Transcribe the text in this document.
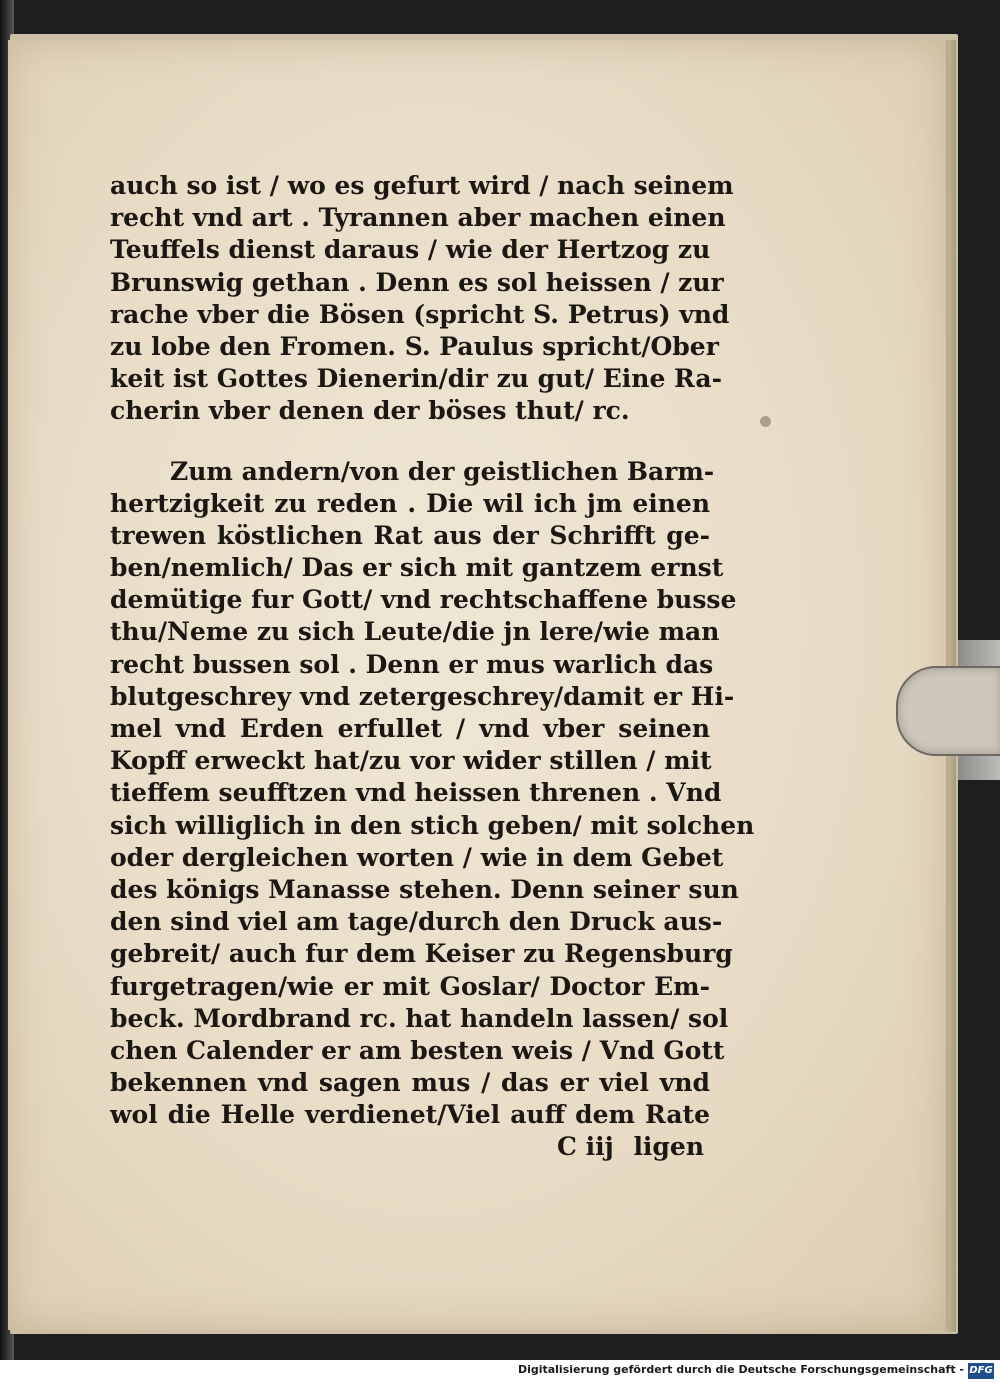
auch so ist / wo es gefurt wird / nach seinem
recht vnd art . Tyrannen aber machen einen
Teuffels dienst daraus / wie der Hertzog zu
Brunswig gethan . Denn es sol heissen / zur
rache vber die Bösen (spricht S. Petrus) vnd
zu lobe den Fromen. S. Paulus spricht/Ober
keit ist Gottes Dienerin/dir zu gut/ Eine Ra-
cherin vber denen der böses thut/ rc.
Zum andern/von der geistlichen Barm-
hertzigkeit zu reden . Die wil ich jm einen
trewen köstlichen Rat aus der Schrifft ge-
ben/nemlich/ Das er sich mit gantzem ernst
demütige fur Gott/ vnd rechtschaffene busse
thu/Neme zu sich Leute/die jn lere/wie man
recht bussen sol . Denn er mus warlich das
blutgeschrey vnd zetergeschrey/damit er Hi-
mel vnd Erden erfullet / vnd vber seinen
Kopff erweckt hat/zu vor wider stillen / mit
tieffem seufftzen vnd heissen threnen . Vnd
sich williglich in den stich geben/ mit solchen
oder dergleichen worten / wie in dem Gebet
des königs Manasse stehen. Denn seiner sun
den sind viel am tage/durch den Druck aus-
gebreit/ auch fur dem Keiser zu Regensburg
furgetragen/wie er mit Goslar/ Doctor Em-
beck. Mordbrand rc. hat handeln lassen/ sol
chen Calender er am besten weis / Vnd Gott
bekennen vnd sagen mus / das er viel vnd
wol die Helle verdienet/Viel auff dem Rate
C iij ligen
Digitalisierung gefördert durch die Deutsche Forschungsgemeinschaft - DFG
